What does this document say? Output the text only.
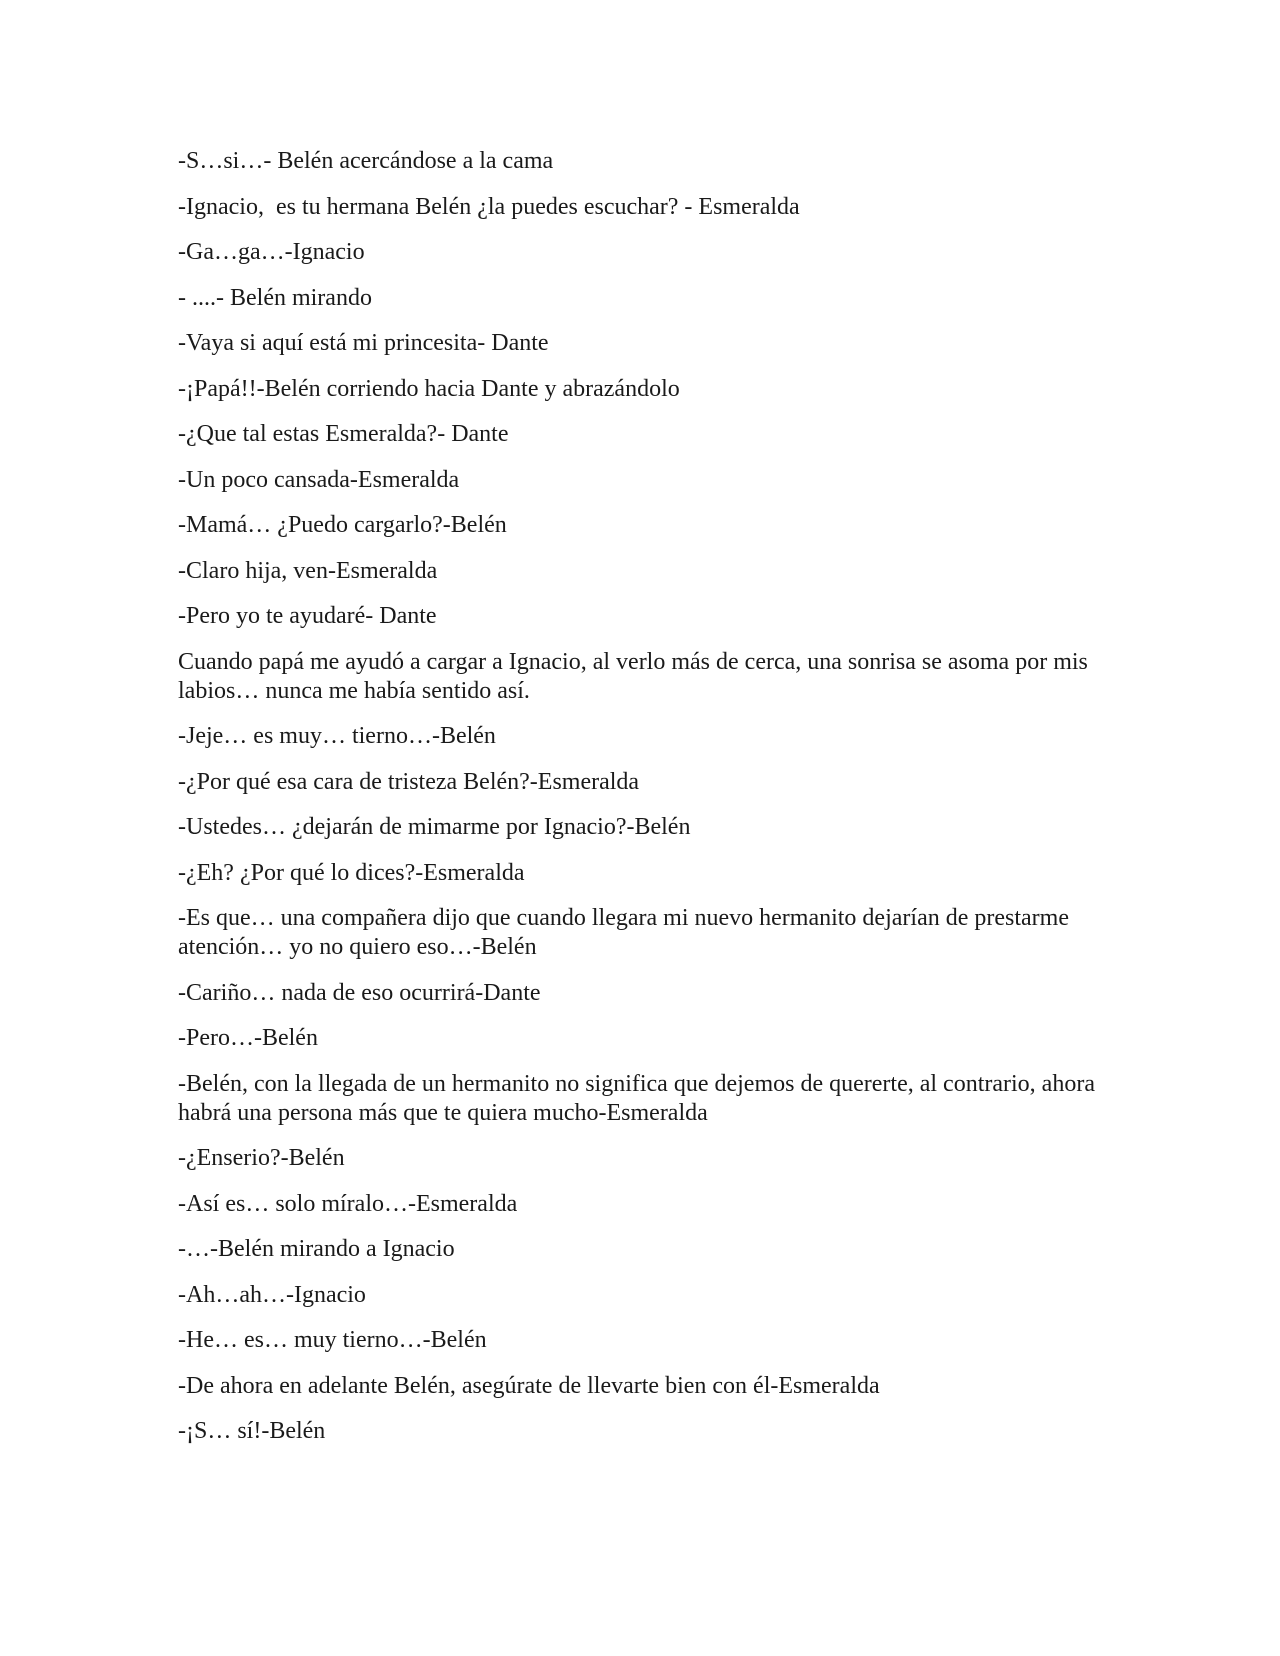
-S…si…- Belén acercándose a la cama

-Ignacio,  es tu hermana Belén ¿la puedes escuchar? - Esmeralda

-Ga…ga…-Ignacio

- ....- Belén mirando

-Vaya si aquí está mi princesita- Dante

-¡Papá!!-Belén corriendo hacia Dante y abrazándolo

-¿Que tal estas Esmeralda?- Dante

-Un poco cansada-Esmeralda

-Mamá… ¿Puedo cargarlo?-Belén

-Claro hija, ven-Esmeralda

-Pero yo te ayudaré- Dante

Cuando papá me ayudó a cargar a Ignacio, al verlo más de cerca, una sonrisa se asoma por mis labios… nunca me había sentido así.

-Jeje… es muy… tierno…-Belén

-¿Por qué esa cara de tristeza Belén?-Esmeralda

-Ustedes… ¿dejarán de mimarme por Ignacio?-Belén

-¿Eh? ¿Por qué lo dices?-Esmeralda

-Es que… una compañera dijo que cuando llegara mi nuevo hermanito dejarían de prestarme atención… yo no quiero eso…-Belén

-Cariño… nada de eso ocurrirá-Dante

-Pero…-Belén

-Belén, con la llegada de un hermanito no significa que dejemos de quererte, al contrario, ahora habrá una persona más que te quiera mucho-Esmeralda

-¿Enserio?-Belén

-Así es… solo míralo…-Esmeralda

-…-Belén mirando a Ignacio

-Ah…ah…-Ignacio

-He… es… muy tierno…-Belén

-De ahora en adelante Belén, asegúrate de llevarte bien con él-Esmeralda

-¡S… sí!-Belén
